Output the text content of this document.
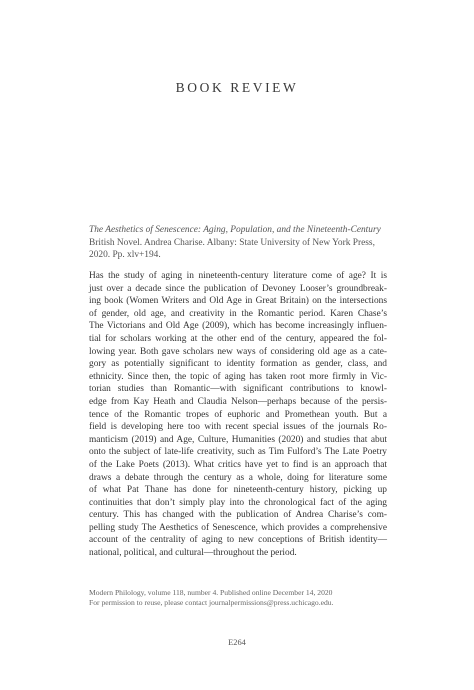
BOOK REVIEW
The Aesthetics of Senescence: Aging, Population, and the Nineteenth-Century
British Novel. Andrea Charise. Albany: State University of New York Press,
2020. Pp. xlv+194.
Has the study of aging in nineteenth-century literature come of age? It is
just over a decade since the publication of Devoney Looser’s groundbreak-
ing book (Women Writers and Old Age in Great Britain) on the intersections
of gender, old age, and creativity in the Romantic period. Karen Chase’s
The Victorians and Old Age (2009), which has become increasingly influen-
tial for scholars working at the other end of the century, appeared the fol-
lowing year. Both gave scholars new ways of considering old age as a cate-
gory as potentially significant to identity formation as gender, class, and
ethnicity. Since then, the topic of aging has taken root more firmly in Vic-
torian studies than Romantic—with significant contributions to knowl-
edge from Kay Heath and Claudia Nelson—perhaps because of the persis-
tence of the Romantic tropes of euphoric and Promethean youth. But a
field is developing here too with recent special issues of the journals Ro-
manticism (2019) and Age, Culture, Humanities (2020) and studies that abut
onto the subject of late-life creativity, such as Tim Fulford’s The Late Poetry
of the Lake Poets (2013). What critics have yet to find is an approach that
draws a debate through the century as a whole, doing for literature some
of what Pat Thane has done for nineteenth-century history, picking up
continuities that don’t simply play into the chronological fact of the aging
century. This has changed with the publication of Andrea Charise’s com-
pelling study The Aesthetics of Senescence, which provides a comprehensive
account of the centrality of aging to new conceptions of British identity—
national, political, and cultural—throughout the period.
Modern Philology, volume 118, number 4. Published online December 14, 2020
For permission to reuse, please contact journalpermissions@press.uchicago.edu.
E264
